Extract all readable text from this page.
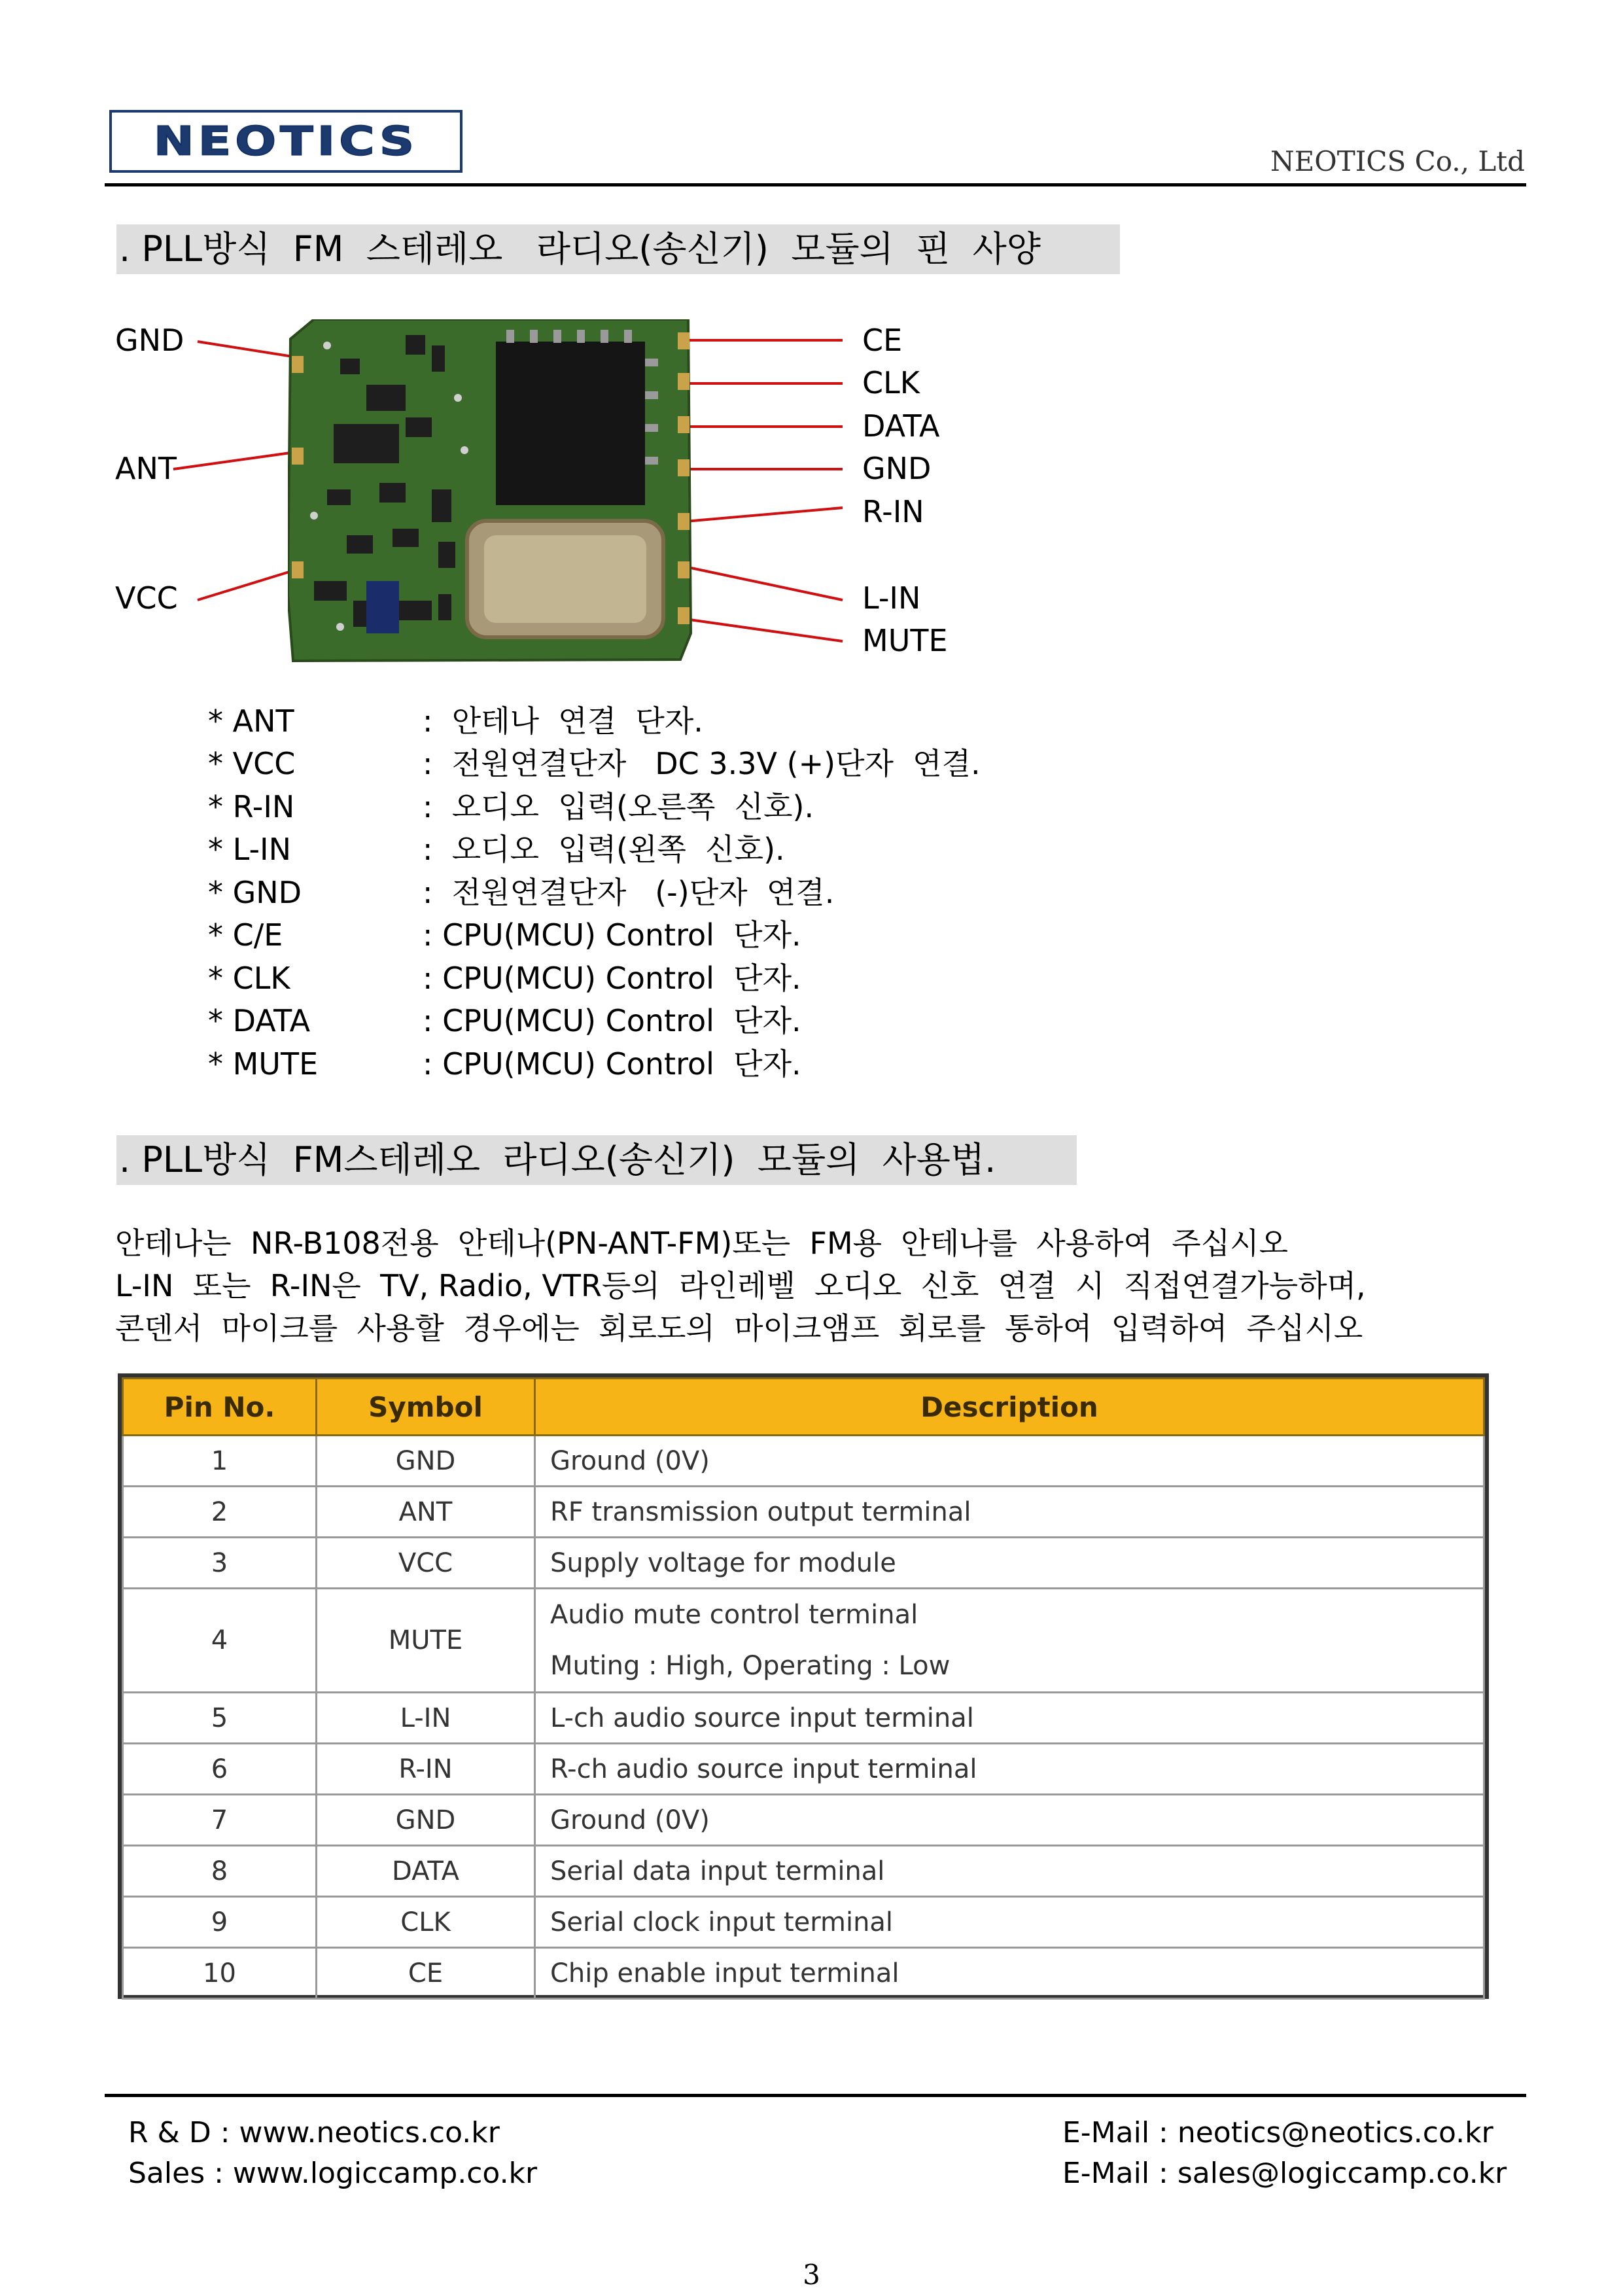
NEOTICS	NEOTICS Co., Ltd
. PLL방식  FM  스테레오   라디오(송신기)  모듈의  핀  사양
GND
ANT
VCC
CE
CLK
DATA
GND
R-IN
L-IN
MUTE
* ANT	:  안테나  연결  단자.
* VCC	:  전원연결단자   DC 3.3V (+)단자  연결.
* R-IN	:  오디오  입력(오른쪽  신호).
* L-IN	:  오디오  입력(왼쪽  신호).
* GND	:  전원연결단자   (-)단자  연결.
* C/E	: CPU(MCU) Control  단자.
* CLK	: CPU(MCU) Control  단자.
* DATA	: CPU(MCU) Control  단자.
* MUTE	: CPU(MCU) Control  단자.
. PLL방식  FM스테레오  라디오(송신기)  모듈의  사용법.
안테나는  NR-B108전용  안테나(PN-ANT-FM)또는  FM용  안테나를  사용하여  주십시오
L-IN  또는  R-IN은  TV, Radio, VTR등의  라인레벨  오디오  신호  연결  시  직접연결가능하며,
콘덴서  마이크를  사용할  경우에는  회로도의  마이크앰프  회로를  통하여  입력하여  주십시오
Pin No.	Symbol	Description
1	GND	Ground (0V)
2	ANT	RF transmission output terminal
3	VCC	Supply voltage for module
4	MUTE	Audio mute control terminal
Muting : High, Operating : Low

5	L-IN	L-ch audio source input terminal
6	R-IN	R-ch audio source input terminal
7	GND	Ground (0V)
8	DATA	Serial data input terminal
9	CLK	Serial clock input terminal
10	CE	Chip enable input terminal
R & D : www.neotics.co.kr
Sales : www.logiccamp.co.kr
E-Mail : neotics@neotics.co.kr
E-Mail : sales@logiccamp.co.kr
3
